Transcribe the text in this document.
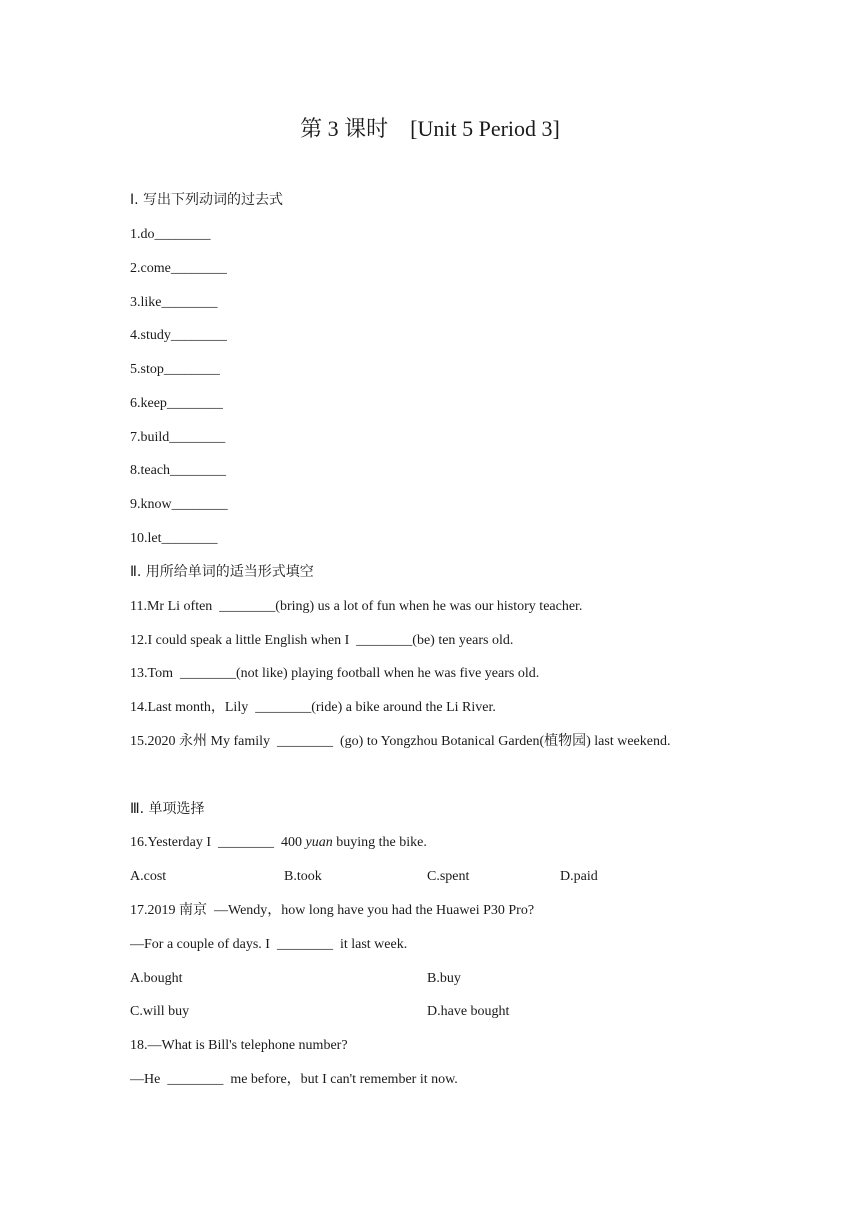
第 3 课时    [Unit 5 Period 3]
Ⅰ. 写出下列动词的过去式
1.do________
2.come________
3.like________
4.study________
5.stop________
6.keep________
7.build________
8.teach________
9.know________
10.let________
Ⅱ. 用所给单词的适当形式填空
11.Mr Li often  ________(bring) us a lot of fun when he was our history teacher.
12.I could speak a little English when I  ________(be) ten years old.
13.Tom  ________(not like) playing football when he was five years old.
14.Last month，Lily  ________(ride) a bike around the Li River.
15.2020 永州 My family  ________  (go) to Yongzhou Botanical Garden(植物园) last weekend.
Ⅲ. 单项选择
16.Yesterday I  ________  400 yuan buying the bike.
A.cost	B.took	C.spent	D.paid
17.2019 南京  —Wendy，how long have you had the Huawei P30 Pro?
—For a couple of days. I  ________  it last week.
A.bought	B.buy
C.will buy	D.have bought
18.—What is Bill's telephone number?
—He  ________  me before，but I can't remember it now.
